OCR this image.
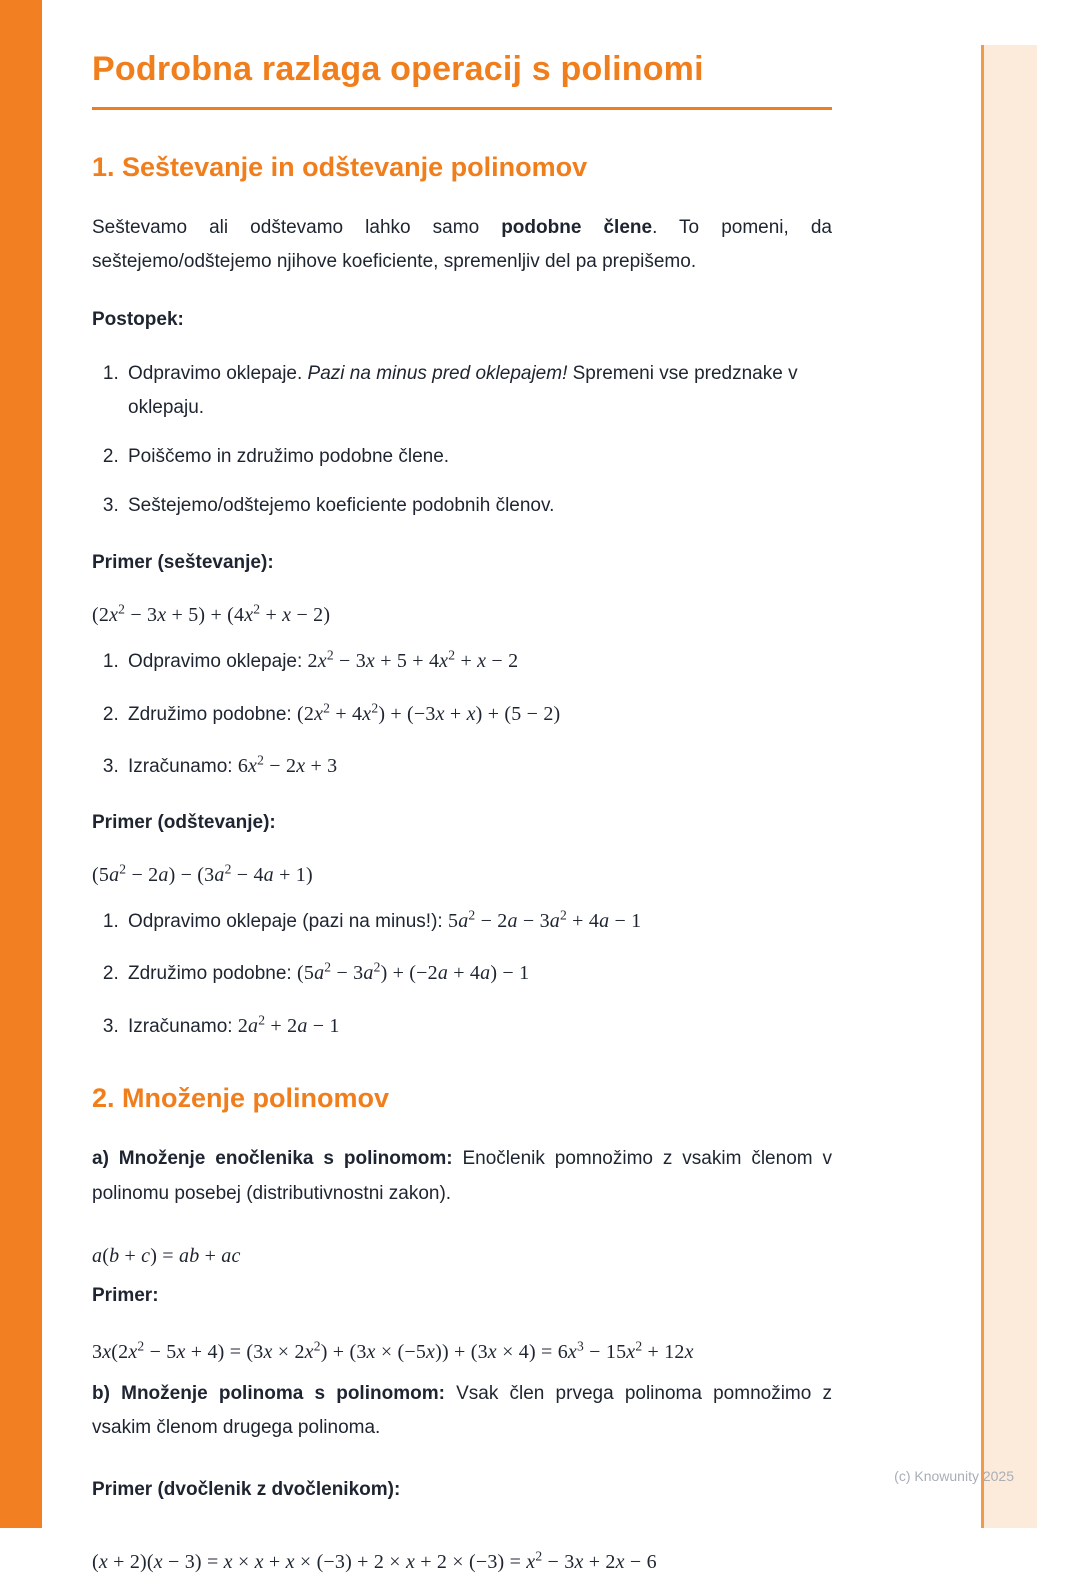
Podrobna razlaga operacij s polinomi
1. Seštevanje in odštevanje polinomov

Seštevamo ali odštevamo lahko samo podobne člene. To pomeni, da seštejemo/odštejemo njihove koeficiente, spremenljiv del pa prepišemo.

Postopek:

1. Odpravimo oklepaje. Pazi na minus pred oklepajem! Spremeni vse predznake v oklepaju.
2. Poiščemo in združimo podobne člene.
3. Seštejemo/odštejemo koeficiente podobnih členov.

Primer (seštevanje):

$(2x^2 - 3x + 5) + (4x^2 + x - 2)$
1. Odpravimo oklepaje: $2x^2 - 3x + 5 + 4x^2 + x - 2$
2. Združimo podobne: $(2x^2 + 4x^2) + (-3x + x) + (5 - 2)$
3. Izračunamo: $6x^2 - 2x + 3$

Primer (odštevanje):

$(5a^2 - 2a) - (3a^2 - 4a + 1)$
1. Odpravimo oklepaje (pazi na minus!): $5a^2 - 2a - 3a^2 + 4a - 1$
2. Združimo podobne: $(5a^2 - 3a^2) + (-2a + 4a) - 1$
3. Izračunamo: $2a^2 + 2a - 1$
2. Množenje polinomov

a) Množenje enočlenika s polinomom: Enočlenik pomnožimo z vsakim členom v polinomu posebej (distributivnostni zakon).

a(b + c) = ab + ac

Primer:

$3x(2x^2 - 5x + 4) = (3x \times 2x^2) + (3x \times (-5x)) + (3x \times 4) = 6x^3 - 15x^2 + 12x$

b) Množenje polinoma s polinomom: Vsak člen prvega polinoma pomnožimo z vsakim členom drugega polinoma.

Primer (dvočlenik z dvočlenikom):

$(x + 2)(x - 3) = x \times x + x \times (-3) + 2 \times x + 2 \times (-3) = x^2 - 3x + 2x - 6$
(c) Knowunity 2025
